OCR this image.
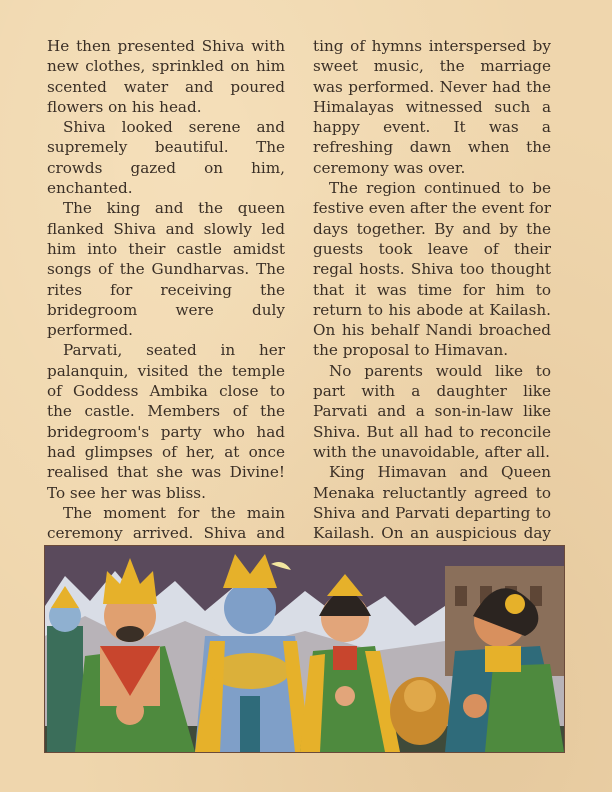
He then presented Shiva with new clothes, sprinkled on him scented water and poured flowers on his head.

Shiva looked serene and supremely beautiful. The crowds gazed on him, enchanted.

The king and the queen flanked Shiva and slowly led him into their castle amidst songs of the Gundharvas. The rites for receiving the bridegroom were duly performed.

Parvati, seated in her palanquin, visited the temple of Goddess Ambika close to the castle. Members of the bridegroom's party who had had glimpses of her, at once realised that she was Divine! To see her was bliss.

The moment for the main ceremony arrived. Shiva and

ting of hymns interspersed by sweet music, the marriage was performed. Never had the Himalayas witnessed such a happy event. It was a refreshing dawn when the ceremony was over.

The region continued to be festive even after the event for days together. By and by the guests took leave of their regal hosts. Shiva too thought that it was time for him to return to his abode at Kailash. On his behalf Nandi broached the proposal to Himavan.

No parents would like to part with a daughter like Parvati and a son-in-law like Shiva. But all had to reconcile with the unavoidable, after all.

King Himavan and Queen Menaka reluctantly agreed to Shiva and Parvati departing to Kailash. On an auspicious day
